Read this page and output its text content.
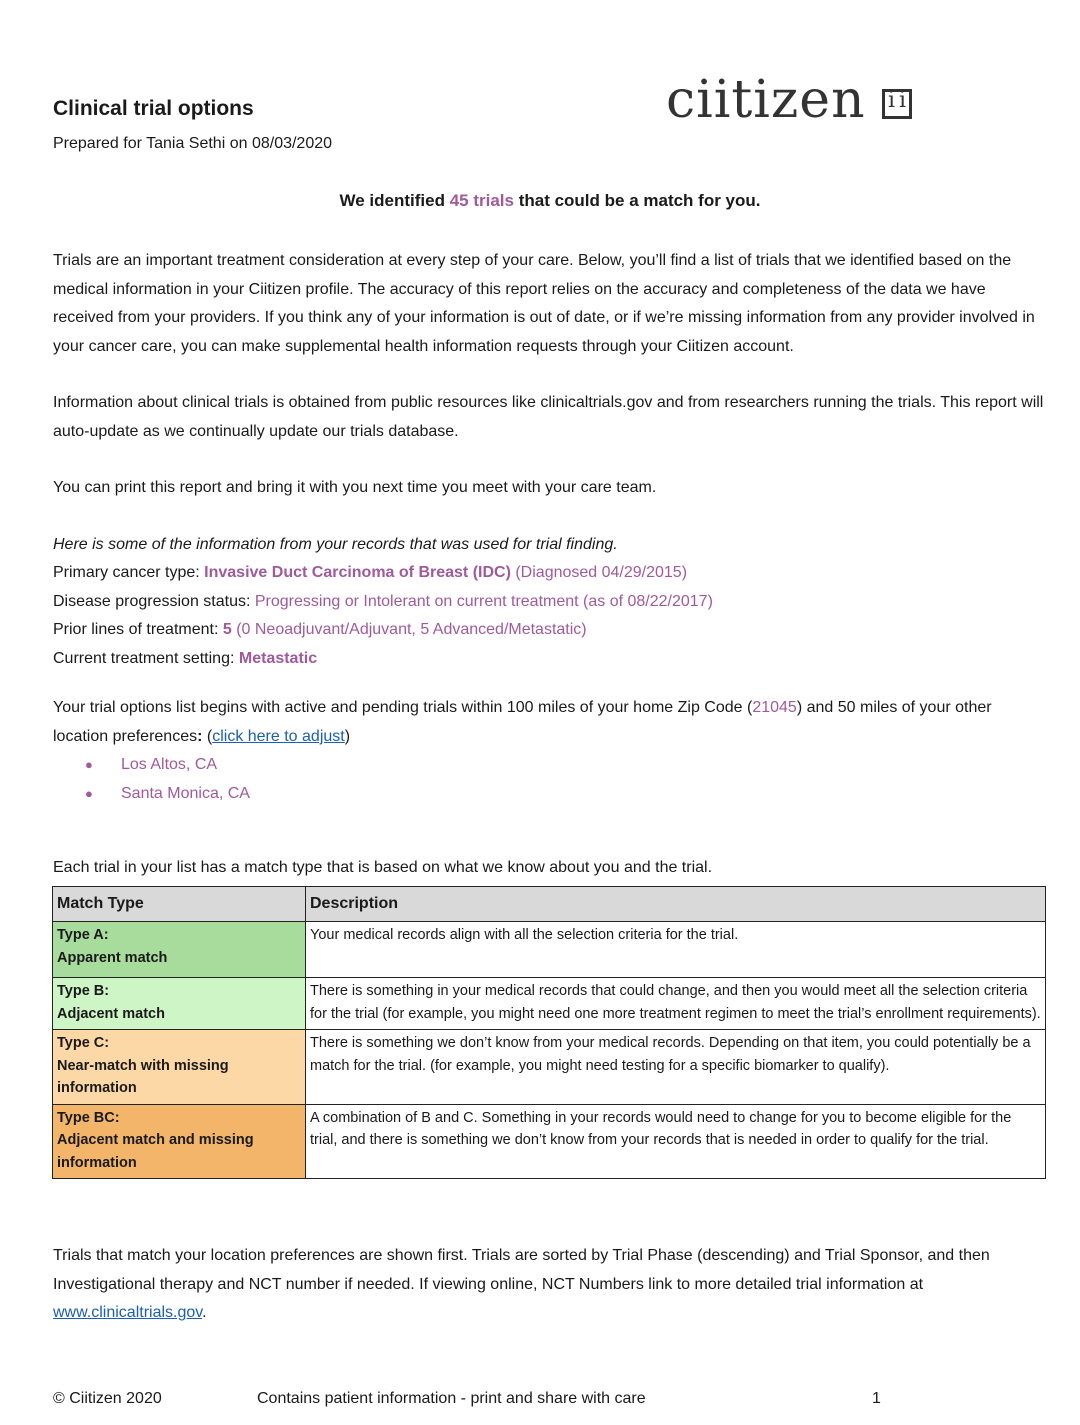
Clinical trial options
Prepared for Tania Sethi on 08/03/2020
ciitizen i i
We identified 45 trials that could be a match for you.
Trials are an important treatment consideration at every step of your care. Below, you’ll find a list of trials that we identified based on the medical information in your Ciitizen profile. The accuracy of this report relies on the accuracy and completeness of the data we have received from your providers. If you think any of your information is out of date, or if we’re missing information from any provider involved in your cancer care, you can make supplemental health information requests through your Ciitizen account.
Information about clinical trials is obtained from public resources like clinicaltrials.gov and from researchers running the trials. This report will auto-update as we continually update our trials database.
You can print this report and bring it with you next time you meet with your care team.
Here is some of the information from your records that was used for trial finding.
Primary cancer type: Invasive Duct Carcinoma of Breast (IDC) (Diagnosed 04/29/2015)
Disease progression status: Progressing or Intolerant on current treatment (as of 08/22/2017)
Prior lines of treatment: 5 (0 Neoadjuvant/Adjuvant, 5 Advanced/Metastatic)
Current treatment setting: Metastatic
Your trial options list begins with active and pending trials within 100 miles of your home Zip Code (21045) and 50 miles of your other location preferences: (click here to adjust)
●	Los Altos, CA
●	Santa Monica, CA
Each trial in your list has a match type that is based on what we know about you and the trial.
Match Type	Description

Type A:
Apparent match	Your medical records align with all the selection criteria for the trial.

Type B:
Adjacent match	There is something in your medical records that could change, and then you would meet all the selection criteria for the trial (for example, you might need one more treatment regimen to meet the trial’s enrollment requirements).

Type C:
Near-match with missing information	There is something we don’t know from your medical records. Depending on that item, you could potentially be a match for the trial. (for example, you might need testing for a specific biomarker to qualify).

Type BC:
Adjacent match and missing information	A combination of B and C. Something in your records would need to change for you to become eligible for the trial, and there is something we don’t know from your records that is needed in order to qualify for the trial.
Trials that match your location preferences are shown first. Trials are sorted by Trial Phase (descending) and Trial Sponsor, and then Investigational therapy and NCT number if needed. If viewing online, NCT Numbers link to more detailed trial information at www.clinicaltrials.gov.
© Ciitizen 2020	Contains patient information - print and share with care	1
